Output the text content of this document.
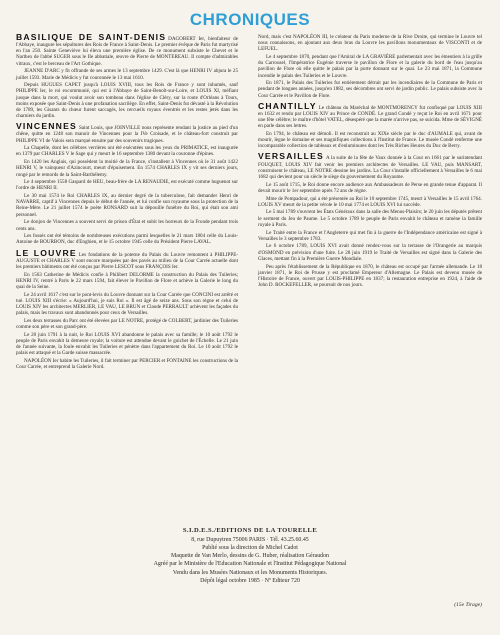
CHRONIQUES

BASILIQUE DE SAINT-DENIS DAGOBERT Ier, bienfaiteur de l'Abbaye, inaugure les sépultures des Rois de France à Saint-Denis. Le premier évêque de Paris fut martyrisé en l'an 250. Sainte Geneviève lui éleva une première église. De ce monument subsiste le Chevet et le Narthex de l'abbé SUGER sous le IIe abbatiale, œuvre de Pierre de MONTEREAU. Il compte d'admirables vitraux, c'est le berceau de l'Art Gothique.

JEANNE D'ARC y fit offrande de ses armes le 13 septembre 1429. C'est là que HENRI IV abjura le 25 juillet 1593. Marie de Médicis y fut couronnée le 13 mai 1610.

Depuis HUGUES CAPET jusqu'à LOUIS XVIII, tous les Rois de France y sont inhumés, sauf PHILIPPE Ier, le roi excommunié, qui est à l'Abbaye de Saint-Benoît-sur-Loire, et LOUIS XI, méfiant jusque dans la mort, qui voulut avoir son tombeau dans l'église de Cléry, sur la route d'Orléans à Tours, moins exposée que Saint-Denis à une profanation sacrilège. En effet, Saint-Denis fut dévasté à la Révolution de 1789, les Gisants du chœur furent saccagés, les cercueils royaux éventrés et les restes jetés dans les charniers du jardin.

VINCENNES Saint Louis, que JOINVILLE nous représente rendant la justice au pied d'un chêne, quitte en 1248 son manoir de Vincennes pour la IVe Croisade, et le château-fort construit par PHILIPPE VI de Valois sera marqué ensuite par des souvenirs tragiques.

La Chapelle, dont les célèbres verrières ont été exécutées sous les yeux du PRIMATICE, est inaugurée en 1379 par CHARLES V le Sage qui y meurt le 16 septembre 1380 devant la couronne d'épines.

En 1420 les Anglais, qui possèdent la moitié de la France, s'installent à Vincennes où le 31 août 1422 HENRI V, le vainqueur d'Azincourt, meurt d'épuisement. En 1574 CHARLES IX y vit ses derniers jours, rongé par le remords de la Saint-Barthélemy.

Le 4 septembre 1558 Gaspard de HEU, beau-frère de LA RENAUDIE, est exécuté comme huguenot sur l'ordre de HENRI II.

Le 30 mai 1574 le Roi CHARLES IX, au dernier degré de la tuberculose, fait demander Henri de NAVARRE, captif à Vincennes depuis le début de l'année, et lui confie son royaume sous la protection de la Reine-Mère. Le 21 juillet 1574 le poète RONSARD suit la dépouille funèbre du Roi, qui était son ami personnel.

Le donjon de Vincennes a souvent servi de prison d'État et subit les horreurs de la Fronde pendant trois cents ans.

Les fossés ont été témoins de nombreuses exécutions parmi lesquelles le 21 mars 1804 celle du Louis-Antoine de BOURBON, duc d'Enghien, et le 15 octobre 1945 celle du Président Pierre LAVAL.

LE LOUVRE Les fondations de la poterne du Palais du Louvre remontent à PHILIPPE-AUGUSTE et CHARLES V sont encore marquées par des pavés au milieu de la Cour Carrée actuelle dont les premiers bâtiments ont été conçus par Pierre LESCOT sous FRANÇOIS Ier.

En 1563 Catherine de Médicis confie à Philibert DELORME la construction du Palais des Tuileries; HENRI IV, rentré à Paris le 22 mars 1594, fait élever le Pavillon de Flore et achève la Galerie le long du quai de la Seine.

Le 24 avril 1617 c'est sur le pont-levis du Louvre donnant sur la Cour Carrée que CONCINI est arrêté et tué. LOUIS XIII s'écrie: « Aujourd'hui, je suis Roi ». Il est âgé de seize ans. Sous son règne et celui de LOUIS XIV les architectes MERLIER, LE VAU, LE BRUN et Claude PERRAULT achèvent les façades du palais, mais les travaux sont abandonnés pour ceux de Versailles.

Les deux terrasses du Parc ont été élevées par LE NOTRE, protégé de COLBERT, jardinier des Tuileries comme son père et son grand-père.

Le 20 juin 1791 à la nuit, le Roi LOUIS XVI abandonne le palais avec sa famille; le 10 août 1792 le peuple de Paris envahit la demeure royale; la voiture est attendue devant le guichet de l'Échelle. Le 21 juin de l'année suivante, la foule envahit les Tuileries et pénètre dans l'appartement du Roi. Le 10 août 1792 le palais est attaqué et la Garde suisse massacrée.

NAPOLÉON Ier habite les Tuileries, il fait terminer par PERCIER et FONTAINE les constructions de la Cour Carrée, et entreprend la Galerie Nord.

Nord, mais c'est NAPOLÉON III, le créateur du Paris moderne de la Rive Droite, qui termine le Louvre tel nous connaissons, en ajoutant aux deux bras du Louvre les pavillons monumentaux de VISCONTI et de LEFUEL.

Le 4 septembre 1870, pendant que l'Amiral de LA GRAVIÈRE parlementait avec les émeutiers à la grille du Carrousel, l'Impératrice Eugénie traverse le pavillon de Flore et la galerie du bord de l'eau jusqu'au pavillon de Flore où elle quitte le palais par la porte donnant sur le quai. Le 23 mai 1871, la Commune incendie le palais des Tuileries et le Louvre.

En 1871, le Palais des Tuileries fut entièrement détruit par les incendiaires de la Commune de Paris et pendant de longues années, jusqu'en 1882, ses décombres ont servi de jardin public. Le palais subsiste avec la Cour Carrée et le Pavillon de Flore.

CHANTILLY Le château du Maréchal de MONTMORENCY fut confisqué par LOUIS XIII en 1632 et rendu par LOUIS XIV au Prince de CONDÉ. Le grand Condé y reçut le Roi en avril 1671 pour une fête célèbre; le maître d'hôtel VATEL, désespéré que la marée n'arrive pas, se suicida. Mme de SÉVIGNÉ en parle dans ses lettres.

En 1794, le château est démoli. Il est reconstruit au XIXe siècle par le duc d'AUMALE qui, avant de mourir, lègue le domaine et ses magnifiques collections à l'Institut de France. Le musée Condé renferme une incomparable collection de tableaux et d'enluminures dont les Très Riches Heures du Duc de Berry.

VERSAILLES A la suite de la fête de Vaux donnée à la Cour en 1661 par le surintendant FOUQUET, LOUIS XIV fait venir les premiers architectes de Versailles. LE VAU, puis MANSART, construisent le château, LE NOTRE dessine les jardins. La Cour s'installe officiellement à Versailles le 6 mai 1682 qui devient pour un siècle le siège du gouvernement du Royaume.

Le 15 août 1715, le Roi donne encore audience aux Ambassadeurs de Perse en grande tenue d'apparat. Il devait mourir le 1er septembre après 72 ans de règne.

Mme de Pompadour, qui a été présentée au Roi le 10 septembre 1745, meurt à Versailles le 15 avril 1764. LOUIS XV meurt de la petite vérole le 10 mai 1774 et LOUIS XVI lui succède.

Le 5 mai 1789 s'ouvrent les États Généraux dans la salle des Menus-Plaisirs; le 20 juin les députés prêtent le serment du Jeu de Paume. Le 5 octobre 1789 le peuple de Paris envahit le château et ramène la famille royale à Paris.

Le Traité entre la France et l'Angleterre qui met fin à la guerre de l'Indépendance américaine est signé à Versailles le 3 septembre 1783.

Le 6 octobre 1789, LOUIS XVI avait donné rendez-vous sur la terrasse de l'Orangerie au marquis d'OSMOND en prévision d'une fuite. Le 28 juin 1919 le Traité de Versailles est signé dans la Galerie des Glaces, mettant fin à la Première Guerre Mondiale.

Peu après l'établissement de la République en 1870, le château est occupé par l'armée allemande. Le 18 janvier 1871, le Roi de Prusse y est proclamé Empereur d'Allemagne. Le Palais est devenu musée de l'Histoire de France, ouvert par LOUIS-PHILIPPE en 1837; la restauration entreprise en 1924, à l'aide de John D. ROCKEFELLER, se poursuit de nos jours.

S.I.D.E.S./EDITIONS DE LA TOURELLE
8, rue Dupuytren 75006 PARIS · Tél. 43.25.60.45
Publié sous la direction de Michel Cadot
Maquette de Van Merlo, dessins de G. Huber, réalisation Géraudon
Agréé par le Ministère de l'Education Nationale et l'Institut Pédagogique National
Vendu dans les Musées Nationaux et les Monuments Historiques.
Dépôt légal octobre 1985 · Nº Editeur 720
(15e Tirage)
